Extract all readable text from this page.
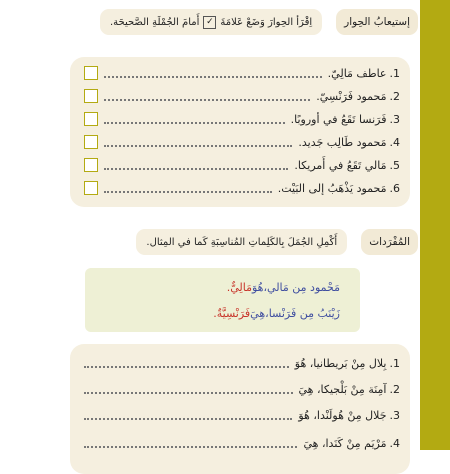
إستيعابُ الحِوار
اِقْرَأ الحِوارَ وَضَعْ عَلامَةَ
✓
أَمامَ الجُمْلَةِ الصَّحيحَة.
1.
عاطف مَالِيّ.
2.
مَحمود فَرَنْسِيّ.
3.
فَرَنسا تَقَعُ في أوروبًا.
4.
مَحمود طَالِب جَديد.
5.
مَالي تَقَعُ في أَمريكا.
6.
مَحمود يَذْهَبُ إلى البَيْت.
المُفْرَدات
أَكْمِلِ الجُمَلَ بِالكَلِماتِ المُناسِبَةِ كَما في المِثال.
مَحْمود مِن مَالي،
هُوَ
مَالِيٌّ.
زَيْنَبُ مِن فَرَنْسا،
هِيَ
فَرَنْسِيَّةٌ.
1.
بِلال مِنْ بَريطانيا، هُوَ
2.
آمِنَة مِنْ بَلْجيكا، هِيَ
3.
جَلال مِنْ هُولَنْدا، هُوَ
4.
مَرْيَم مِنْ كَنَدا، هِيَ
